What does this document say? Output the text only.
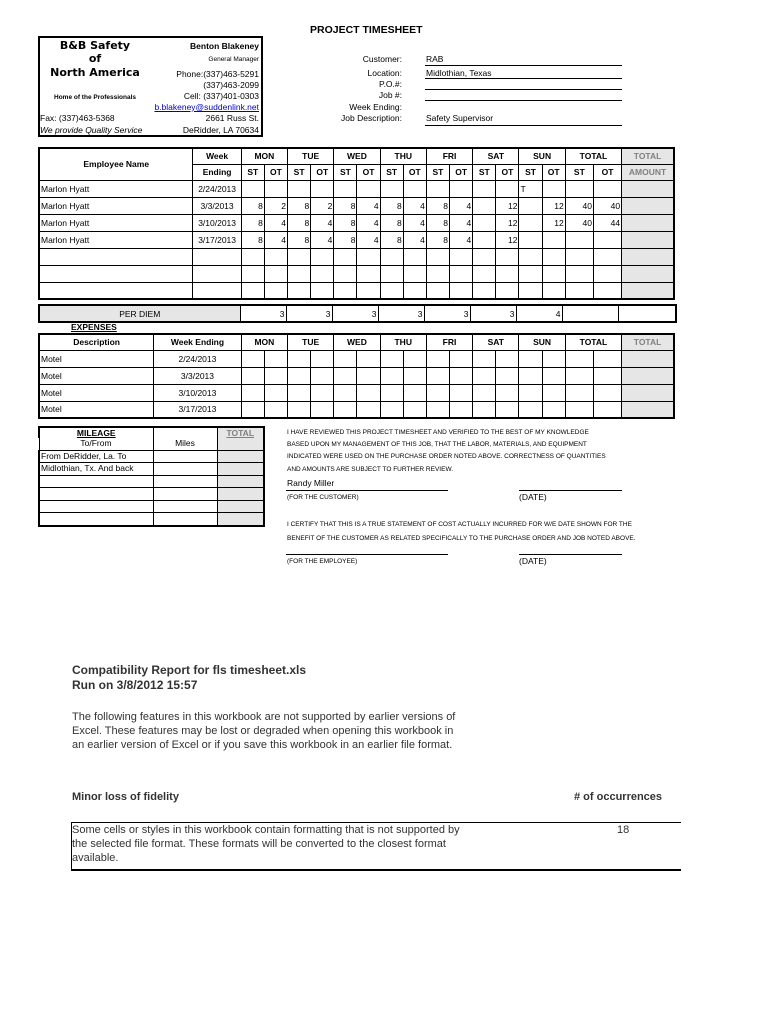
PROJECT TIMESHEET
B&B Safety
of
North America
Home of the Professionals
Fax: (337)463-5368
We provide Quality Service
Benton Blakeney
General Manager
Phone:(337)463-5291
(337)463-2099
Cell: (337)401-0303
b.blakeney@suddenlink.net
2661 Russ St.
DeRidder, LA 70634
Customer:	RAB
Location:	Midlothian, Texas
P.O.#:
Job #:
Week Ending:
Job Description:	Safety Supervisor
Employee Name	Week	MON		TUE		WED		THU		FRI		SAT		SUN		TOTAL		TOTAL
	Ending	ST	OT	ST	OT	ST	OT	ST	OT	ST	OT	ST	OT	ST	OT	ST	OT	AMOUNT
Marlon Hyatt	2/24/2013													T				
Marlon Hyatt	3/3/2013	8	2	8	2	8	4	8	4	8	4		12		12	40	40	
Marlon Hyatt	3/10/2013	8	4	8	4	8	4	8	4	8	4		12		12	40	44	
Marlon Hyatt	3/17/2013	8	4	8	4	8	4	8	4	8	4		12					

PER DIEM	3	3	3	3	3	3	4		
EXPENSES
Description	Week Ending	MON		TUE		WED		THU		FRI		SAT		SUN		TOTAL		TOTAL
Motel	2/24/2013																	
Motel	3/3/2013																	
Motel	3/10/2013																	
Motel	3/17/2013																	
MILEAGE		TOTAL
To/From	Miles	
From DeRidder, La. To		
Midlothian, Tx. And back		

I HAVE REVIEWED THIS PROJECT TIMESHEET AND VERIFIED TO THE BEST OF MY KNOWLEDGE
BASED UPON MY MANAGEMENT OF THIS JOB, THAT THE LABOR, MATERIALS, AND EQUIPMENT
INDICATED WERE USED ON THE PURCHASE ORDER NOTED ABOVE. CORRECTNESS OF QUANTITIES
AND AMOUNTS ARE SUBJECT TO FURTHER REVIEW.
Randy Miller
(FOR THE CUSTOMER)	(DATE)
I CERTIFY THAT THIS IS A TRUE STATEMENT OF COST ACTUALLY INCURRED FOR W/E DATE SHOWN FOR THE
BENEFIT OF THE CUSTOMER AS RELATED SPECIFICALLY TO THE PURCHASE ORDER AND JOB NOTED ABOVE.
(FOR THE EMPLOYEE)	(DATE)
Compatibility Report for fls timesheet.xls
Run on 3/8/2012 15:57
The following features in this workbook are not supported by earlier versions of
Excel. These features may be lost or degraded when opening this workbook in
an earlier version of Excel or if you save this workbook in an earlier file format.
Minor loss of fidelity	# of occurrences
Some cells or styles in this workbook contain formatting that is not supported by
the selected file format. These formats will be converted to the closest format
available.
18
